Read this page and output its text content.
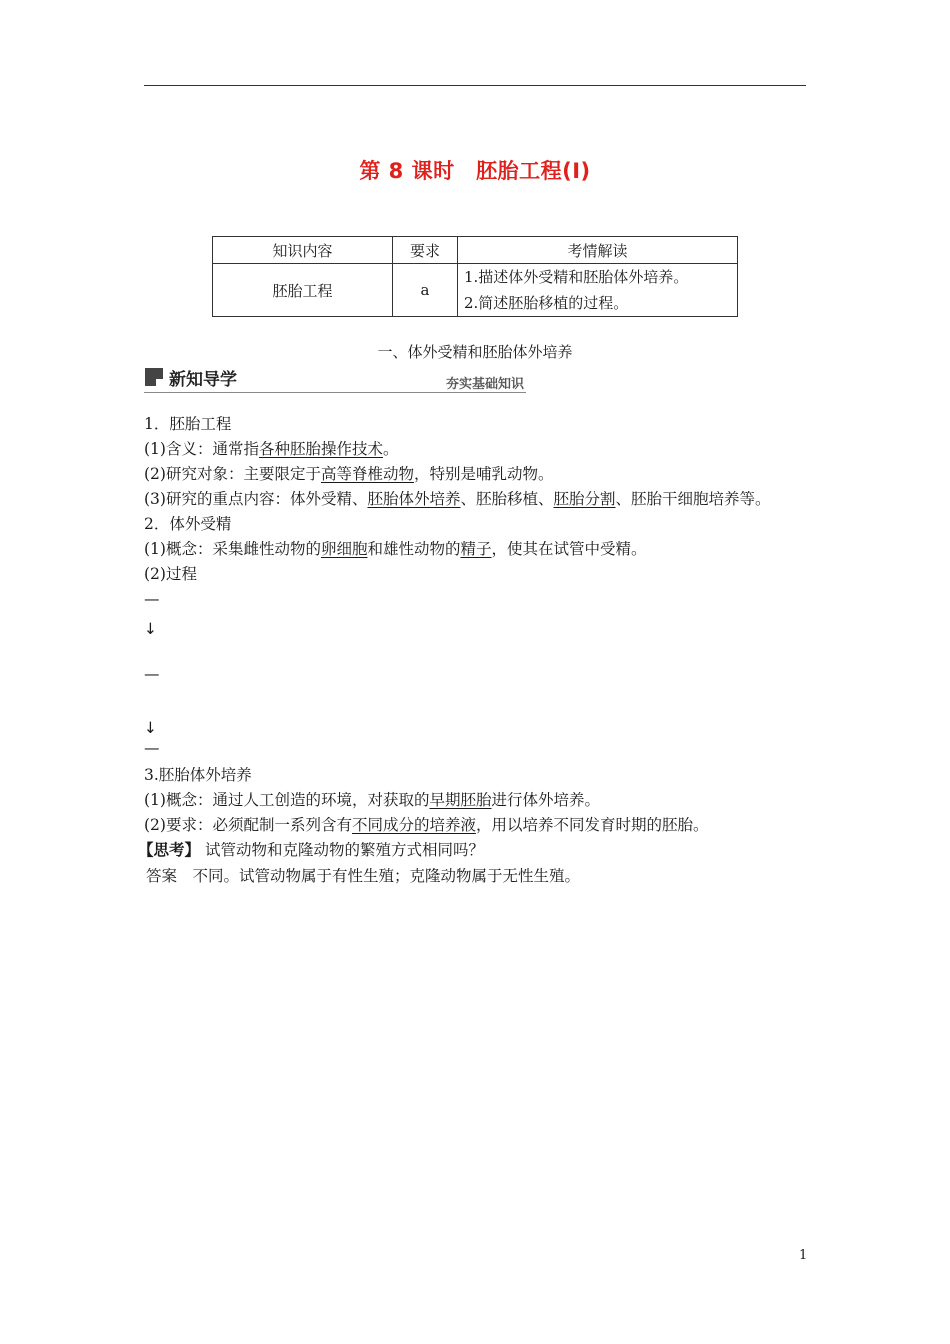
第 8 课时　胚胎工程(Ⅰ)
知识内容	要求	考情解读
胚胎工程	a	1.描述体外受精和胚胎体外培养。
2.简述胚胎移植的过程。
一、体外受精和胚胎体外培养
新知导学	夯实基础知识
1．胚胎工程
(1)含义：通常指各种胚胎操作技术。
(2)研究对象：主要限定于高等脊椎动物，特别是哺乳动物。
(3)研究的重点内容：体外受精、胚胎体外培养、胚胎移植、胚胎分割、胚胎干细胞培养等。
2．体外受精
(1)概念：采集雌性动物的卵细胞和雄性动物的精子，使其在试管中受精。
(2)过程
—
↓
—
↓
—
3.胚胎体外培养
(1)概念：通过人工创造的环境，对获取的早期胚胎进行体外培养。
(2)要求：必须配制一系列含有不同成分的培养液，用以培养不同发育时期的胚胎。
【思考】 试管动物和克隆动物的繁殖方式相同吗？
答案　不同。试管动物属于有性生殖；克隆动物属于无性生殖。
1
